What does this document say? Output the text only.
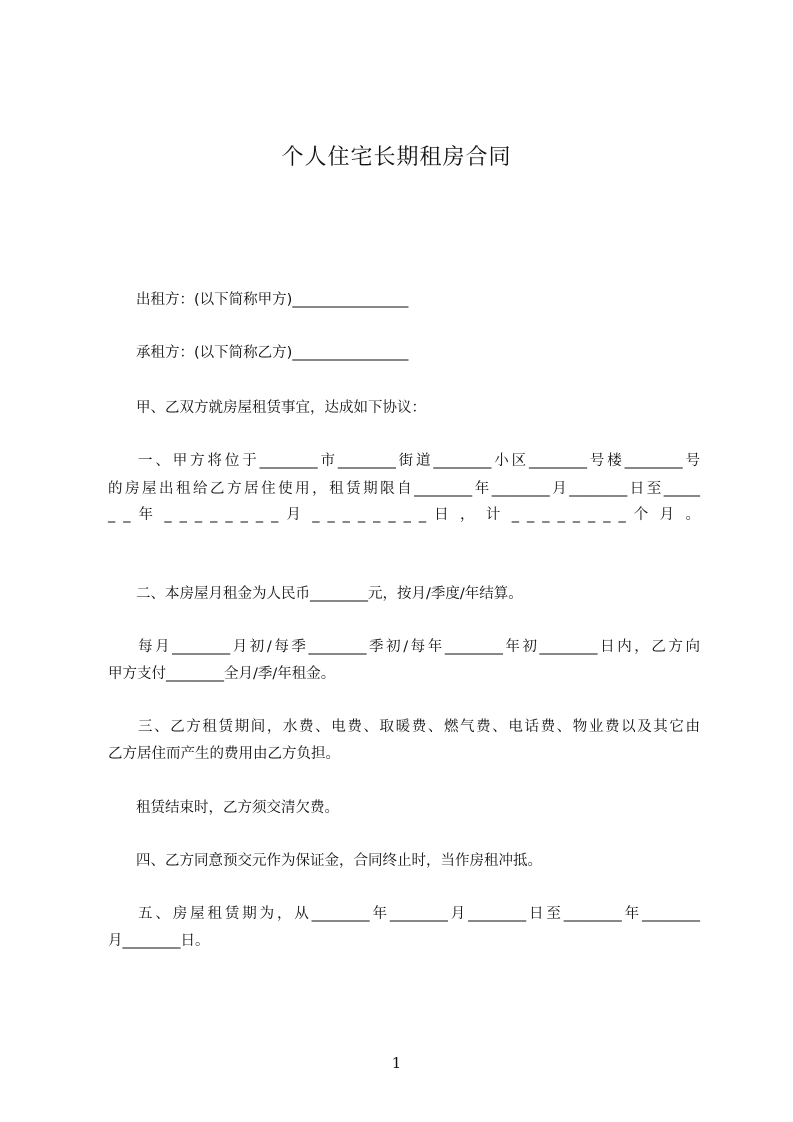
个人住宅长期租房合同
出租方：(以下简称甲方)________________
承租方：(以下简称乙方)________________
甲、乙双方就房屋租赁事宜，达成如下协议：
一、甲方将位于________市________街道________小区________号楼________号
的房屋出租给乙方居住使用，租赁期限自________年________月________日至_____
_ _ 年 _ _ _ _ _ _ _ _ 月 _ _ _ _ _ _ _ _ 日 ， 计 _ _ _ _ _ _ _ _ 个 月 。
二、本房屋月租金为人民币________元，按月/季度/年结算。
每月________月初/每季________季初/每年________年初________日内，乙方向
甲方支付________全月/季/年租金。
三、乙方租赁期间，水费、电费、取暖费、燃气费、电话费、物业费以及其它由
乙方居住而产生的费用由乙方负担。
租赁结束时，乙方须交清欠费。
四、乙方同意预交元作为保证金，合同终止时，当作房租冲抵。
五、房屋租赁期为，从________年________月________日至________年________
月________日。
1
